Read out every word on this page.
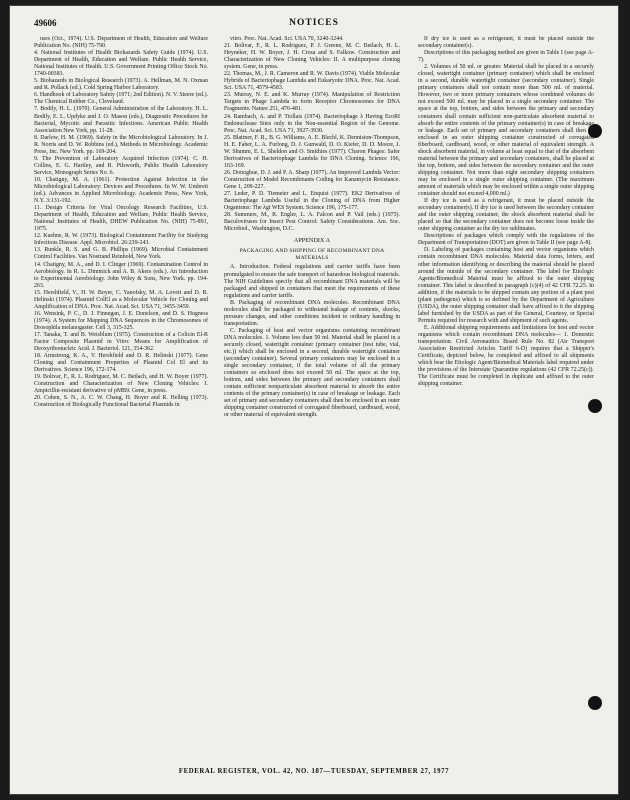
49606	NOTICES

uses (Oct., 1974). U.S. Department of Health, Education and Welfare Publication No. (NIH) 75-790.

4. National Institutes of Health Biohazards Safety Guide (1974). U.S. Department of Health, Education and Welfare. Public Health Service, National Institutes of Health. U.S. Government Printing Office Stock No. 1740-00383.

5. Biohazards in Biological Research (1973). A. Hellman, M. N. Oxman and R. Pollack (ed.). Cold Spring Harbor Laboratory.

6. Handbook of Laboratory Safety (1971; 2nd Edition). N. V. Steere (ed.). The Chemical Rubber Co., Cleveland.

7. Bodily, H. L. (1970). General Administration of the Laboratory. H. L. Bodily, E. L. Updyke and J. O. Mason (eds.), Diagnostic Procedures for Bacterial, Mycotic and Parasitic Infections. American Public Health Association New York, pp. 11-28.

8. Darlow, H. M. (1969). Safety in the Microbiological Laboratory. In J. R. Norris and D. W. Robbins (ed.), Methods in Microbiology. Academic Press, Inc. New York. pp. 169-204.

9. The Prevention of Laboratory Acquired Infection (1974). C. H. Collins, E. G. Hartley, and R. Pilsworth, Public Health Laboratory Service, Monograph Series No. 6.

10. Chatigny, M. A. (1961). Protection Against Infection in the Microbiological Laboratory: Devices and Procedures. In W. W. Umbreit (ed.). Advances in Applied Microbiology. Academic Press, New York, N.Y. 3:131-192.

11. Design Criteria for Viral Oncology Research Facilities, U.S. Department of Health, Education and Welfare, Public Health Service, National Institutes of Health, DHEW Publication No. (NIH) 75-891, 1975.

12. Kuehne, R. W. (1973). Biological Containment Facility for Studying Infectious Disease. Appl. Microbiol. 26:239-243.

13. Runkle, R. S. and G. B. Phillips (1969). Microbial Containment Control Facilities. Van Nostrand Reinhold, New York.

14. Chatigny, M. A., and D. I. Clinger (1969). Contamination Control in Aerobiology. In R. L. Dimmick and A. B. Akers (eds.). An Introduction to Experimental Aerobiology. John Wiley & Sons, New York. pp. 194-263.

15. Hershfield, V., H. W. Boyer, C. Yanofsky, M. A. Lovett and D. R. Helinski (1974). Plasmid ColEl as a Molecular Vehicle for Cloning and Amplification of DNA. Proc. Nat. Acad. Sci. USA 71, 3455-3459.

16. Wensink, P. C., D. J. Finnegan, J. E. Donelson, and D. S. Hogness (1974). A System for Mapping DNA Sequences in the Chromosomes of Drosophila melanogaster. Cell 3, 315-325.

17. Tanaka, T. and B. Weisblum (1975). Construction of a Colicin El-R Factor Composite Plasmid in Vitro: Means for Amplification of Deoxyribonucleic Acid. J. Bacteriol. 121, 354-362.

18. Armstrong, K. A., V. Hershfield and D. R. Helinski (1977). Gene Cloning and Containment Properties of Plasmid Col El and its Derivatives. Science 196, 172-174.

19. Bolivar, F., R. L. Rodriguez, M. C. Betlach, and H. W. Boyer (1977). Construction and Characterization of New Cloning Vehicles: I. Ampicillin-resistant derivative of pMB9. Gene, in press.

20. Cohen, S. N., A. C. W. Chang, H. Boyer and R. Helling (1973). Construction of Biologically Functional Bacterial Plasmids in

vitro. Proc. Nat. Acad. Sci. USA 70, 3240-3244.

21. Bolivar, F., R. L. Rodriguez, P. J. Greene, M. C. Betlach, H. L. Heyneker, H. W. Boyer, J. H. Crosa and S. Falkow. Construction and Characterization of New Cloning Vehicles: II. A multipurpose cloning system. Gene, in press.

22. Thomas, M., J. R. Cameron and R. W. Davis (1974). Viable Molecular Hybrids of Bacteriophage Lambda and Eukaryotic DNA. Proc. Nat. Acad. Sci. USA 71, 4579-4583.

23. Murray, N. E. and K. Murray (1974). Manipulation of Restriction Targets in Phage Lambda to form Receptor Chromosomes for DNA Fragments. Nature 251, 476-481.

24. Rambach, A. and P. Tiollais (1974). Bacteriophage λ Having EcoRI Endonuclease Sites only in the Non-essential Region of the Genome. Proc. Nat. Acad. Sci. USA 71, 3927-3930.

25. Blattner, F. R., B. G. Williams, A. E. Blechl, K. Denniston-Thompson, H. E. Faber, L. A. Furlong, D. J. Gunwald, D. O. Kiefer, D. D. Moore, J. W. Shumm, E. L. Sheldon and O. Smithies (1977). Charon Phages: Safer Derivatives of Bacteriophage Lambda for DNA Cloning. Science 196, 163-169.

26. Donoghue, D. J. and P. A. Sharp (1977). An Improved Lambda Vector: Construction of Model Recombinants Coding for Kanamycin Resistance. Gene 1, 209-227.

27. Leder, P. D. Tiemeier and L. Enquist (1977). EK2 Derivatives of Bacteriophage Lambda Useful in the Cloning of DNA from Higher Organisms: The λgt WES System. Science 196, 175-177.

28. Summers, M., R. Engler, L. A. Falcon and P. Vail (eds.) (1975). Baculoviruses for Insect Pest Control: Safety Considerations. Am. Soc. Microbiol., Washington, D.C.

APPENDIX A

PACKAGING AND SHIPPING OF RECOMBINANT DNA MATERIALS

A. Introduction. Federal regulations and carrier tariffs have been promulgated to ensure the safe transport of hazardous biological materials. The NIH Guidelines specify that all recombinant DNA materials will be packaged and shipped in containers that meet the requirements of these regulations and carrier tariffs.

B. Packaging of recombinant DNA molecules. Recombinant DNA molecules shall be packaged to withstand leakage of contents, shocks, pressure changes, and other conditions incident to ordinary handling in transportation.

C. Packaging of host and vector organisms containing recombinant DNA molecules. 1. Volume less than 50 ml. Material shall be placed in a securely closed, watertight container (primary container (test tube, vial, etc.)) which shall be enclosed in a second, durable watertight container (secondary container). Several primary containers may be enclosed in a single secondary container, if the total volume of all the primary containers so enclosed does not exceed 50 ml. The space at the top, bottom, and sides between the primary and secondary containers shall contain sufficient nonparticulate absorbent material to absorb the entire contents of the primary container(s) in case of breakage or leakage. Each set of primary and secondary containers shall then be enclosed in an outer shipping container constructed of corrugated fiberboard, cardboard, wood, or other material of equivalent strength.

If dry ice is used as a refrigerant, it must be placed outside the secondary container(s).

Descriptions of this packaging method are given in Table I (see page A-7).

2. Volumes of 50 ml. or greater. Material shall be placed in a securely closed, watertight container (primary container) which shall be enclosed in a second, durable watertight container (secondary container). Single primary containers shall not contain more than 500 ml. of material. However, two or more primary containers whose combined volumes do not exceed 500 ml. may be placed in a single secondary container. The space at the top, bottom, and sides between the primary and secondary containers shall contain sufficient non-particulate absorbent material to absorb the entire contents of the primary container(s) in case of breakage or leakage. Each set of primary and secondary containers shall then be enclosed in an outer shipping container constructed of corrugated fiberboard, cardboard, wood, or other material of equivalent strength. A shock absorbent material, in volume at least equal to that of the absorbent material between the primary and secondary containers, shall be placed at the top, bottom, and sides between the secondary container and the outer shipping container. Not more than eight secondary shipping containers may be enclosed in a single outer shipping container. (The maximum amount of materials which may be enclosed within a single outer shipping container should not exceed 4,000 ml.)

If dry ice is used as a refrigerant, it must be placed outside the secondary container(s). If dry ice is used between the secondary container and the outer shipping container, the shock absorbent material shall be placed so that the secondary container does not become loose inside the outer shipping container as the dry ice sublimates.

Descriptions of packages which comply with the regulations of the Department of Transportation (DOT) are given in Table II (see page A-8).

D. Labeling of packages containing host and vector organisms which contain recombinant DNA molecules. Material data forms, letters, and other information identifying or describing the material should be placed around the outside of the secondary container. The label for Etiologic Agents/Biomedical Material must be affixed to the outer shipping container. This label is described in paragraph (c)(4) of 42 CFR 72.25. In addition, if the materials to be shipped contain any portion of a plant pest (plant pathogens) which is so defined by the Department of Agriculture (USDA), the outer shipping container shall have affixed to it the shipping label furnished by the USDA as part of the General, Courtesy, or Special Permits required for research with and shipment of such agents.

E. Additional shipping requirements and limitations for host and vector organisms which contain recombinant DNA molecules— 1. Domestic transportation. Civil Aeronautics Board Rule No. 82 (Air Transport Association Restricted Articles Tariff 6-D) requires that a Shipper's Certificate, depicted below, be completed and affixed to all shipments which bear the Etiologic Agent/Biomedical Materials label required under the provisions of the Interstate Quarantine regulations (42 CFR 72.25(c)). The Certificate must be completed in duplicate and affixed to the outer shipping container.

FEDERAL REGISTER, VOL. 42, NO. 187—TUESDAY, SEPTEMBER 27, 1977
